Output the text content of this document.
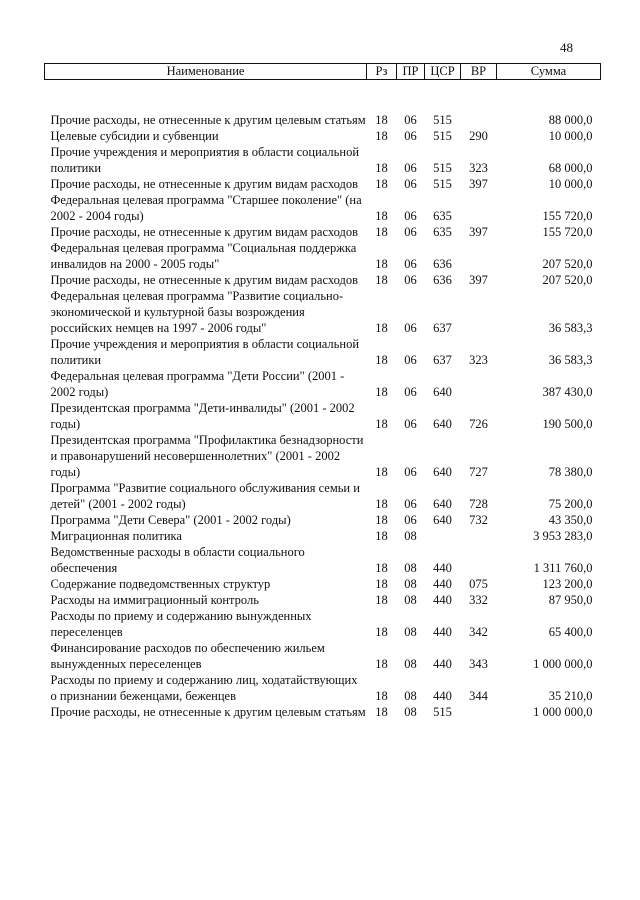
48
Наименование	Рз	ПР	ЦСР	ВР	Сумма
Прочие расходы, не отнесенные к другим целевым статьям	18	06	515		88 000,0
Целевые субсидии и субвенции	18	06	515	290	10 000,0
Прочие учреждения и мероприятия в области социальной политики	18	06	515	323	68 000,0
Прочие расходы, не отнесенные к другим видам расходов	18	06	515	397	10 000,0
Федеральная целевая программа "Старшее поколение" (на 2002 - 2004 годы)	18	06	635		155 720,0
Прочие расходы, не отнесенные к другим видам расходов	18	06	635	397	155 720,0
Федеральная целевая программа "Социальная поддержка инвалидов на 2000 - 2005 годы"	18	06	636		207 520,0
Прочие расходы, не отнесенные к другим видам расходов	18	06	636	397	207 520,0
Федеральная целевая программа "Развитие социально-экономической и культурной базы возрождения российских немцев на 1997 - 2006 годы"	18	06	637		36 583,3
Прочие учреждения и мероприятия в области социальной политики	18	06	637	323	36 583,3
Федеральная целевая программа "Дети России" (2001 - 2002 годы)	18	06	640		387 430,0
Президентская программа "Дети-инвалиды" (2001 - 2002 годы)	18	06	640	726	190 500,0
Президентская программа "Профилактика безнадзорности и правонарушений несовершеннолетних" (2001 - 2002 годы)	18	06	640	727	78 380,0
Программа "Развитие социального обслуживания семьи и детей" (2001 - 2002 годы)	18	06	640	728	75 200,0
Программа "Дети Севера" (2001 - 2002 годы)	18	06	640	732	43 350,0
Миграционная политика	18	08			3 953 283,0
Ведомственные расходы в области социального обеспечения	18	08	440		1 311 760,0
Содержание подведомственных структур	18	08	440	075	123 200,0
Расходы на иммиграционный контроль	18	08	440	332	87 950,0
Расходы по приему и содержанию вынужденных переселенцев	18	08	440	342	65 400,0
Финансирование расходов по обеспечению жильем вынужденных переселенцев	18	08	440	343	1 000 000,0
Расходы по приему и содержанию лиц, ходатайствующих о признании беженцами, беженцев	18	08	440	344	35 210,0
Прочие расходы, не отнесенные к другим целевым статьям	18	08	515		1 000 000,0
